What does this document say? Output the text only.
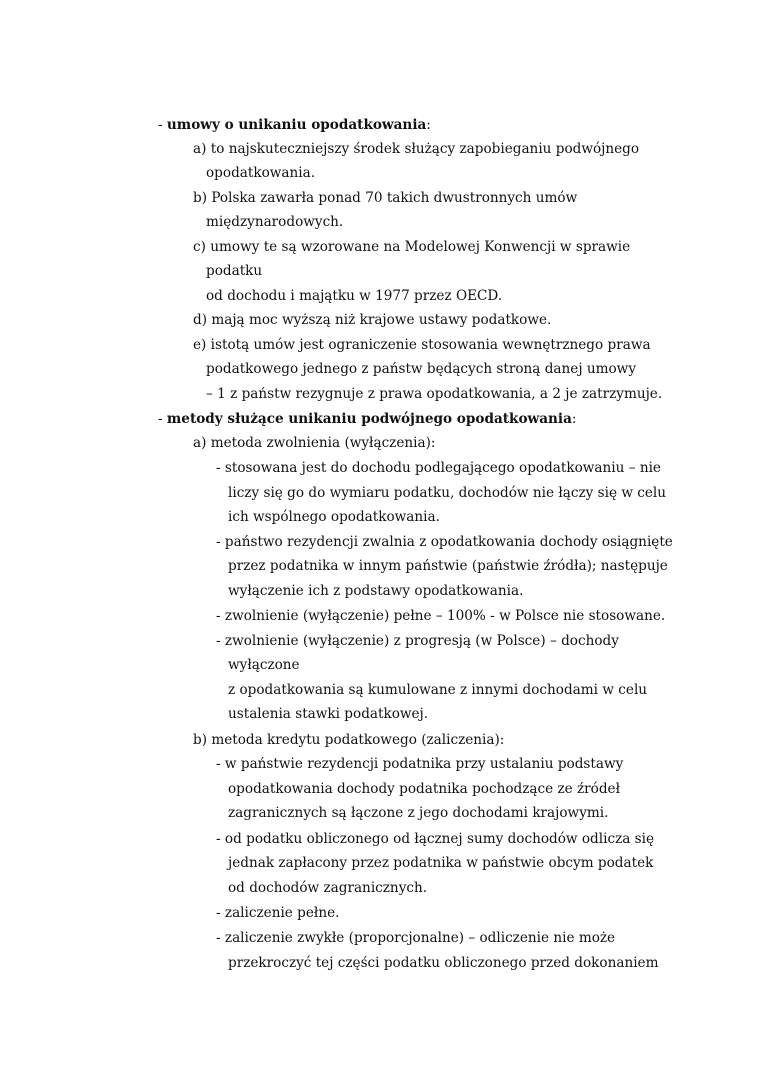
- umowy o unikaniu opodatkowania:
a) to najskuteczniejszy środek służący zapobieganiu podwójnego
opodatkowania.
b) Polska zawarła ponad 70 takich dwustronnych umów
międzynarodowych.
c) umowy te są wzorowane na Modelowej Konwencji w sprawie
podatku
od dochodu i majątku w 1977 przez OECD.
d) mają moc wyższą niż krajowe ustawy podatkowe.
e) istotą umów jest ograniczenie stosowania wewnętrznego prawa
podatkowego jednego z państw będących stroną danej umowy
– 1 z państw rezygnuje z prawa opodatkowania, a 2 je zatrzymuje.
- metody służące unikaniu podwójnego opodatkowania:
a) metoda zwolnienia (wyłączenia):
- stosowana jest do dochodu podlegającego opodatkowaniu – nie
liczy się go do wymiaru podatku, dochodów nie łączy się w celu
ich wspólnego opodatkowania.
- państwo rezydencji zwalnia z opodatkowania dochody osiągnięte
przez podatnika w innym państwie (państwie źródła); następuje
wyłączenie ich z podstawy opodatkowania.
- zwolnienie (wyłączenie) pełne – 100% - w Polsce nie stosowane.
- zwolnienie (wyłączenie) z progresją (w Polsce) – dochody
wyłączone
z opodatkowania są kumulowane z innymi dochodami w celu
ustalenia stawki podatkowej.
b) metoda kredytu podatkowego (zaliczenia):
- w państwie rezydencji podatnika przy ustalaniu podstawy
opodatkowania dochody podatnika pochodzące ze źródeł
zagranicznych są łączone z jego dochodami krajowymi.
- od podatku obliczonego od łącznej sumy dochodów odlicza się
jednak zapłacony przez podatnika w państwie obcym podatek
od dochodów zagranicznych.
- zaliczenie pełne.
- zaliczenie zwykłe (proporcjonalne) – odliczenie nie może
przekroczyć tej części podatku obliczonego przed dokonaniem
